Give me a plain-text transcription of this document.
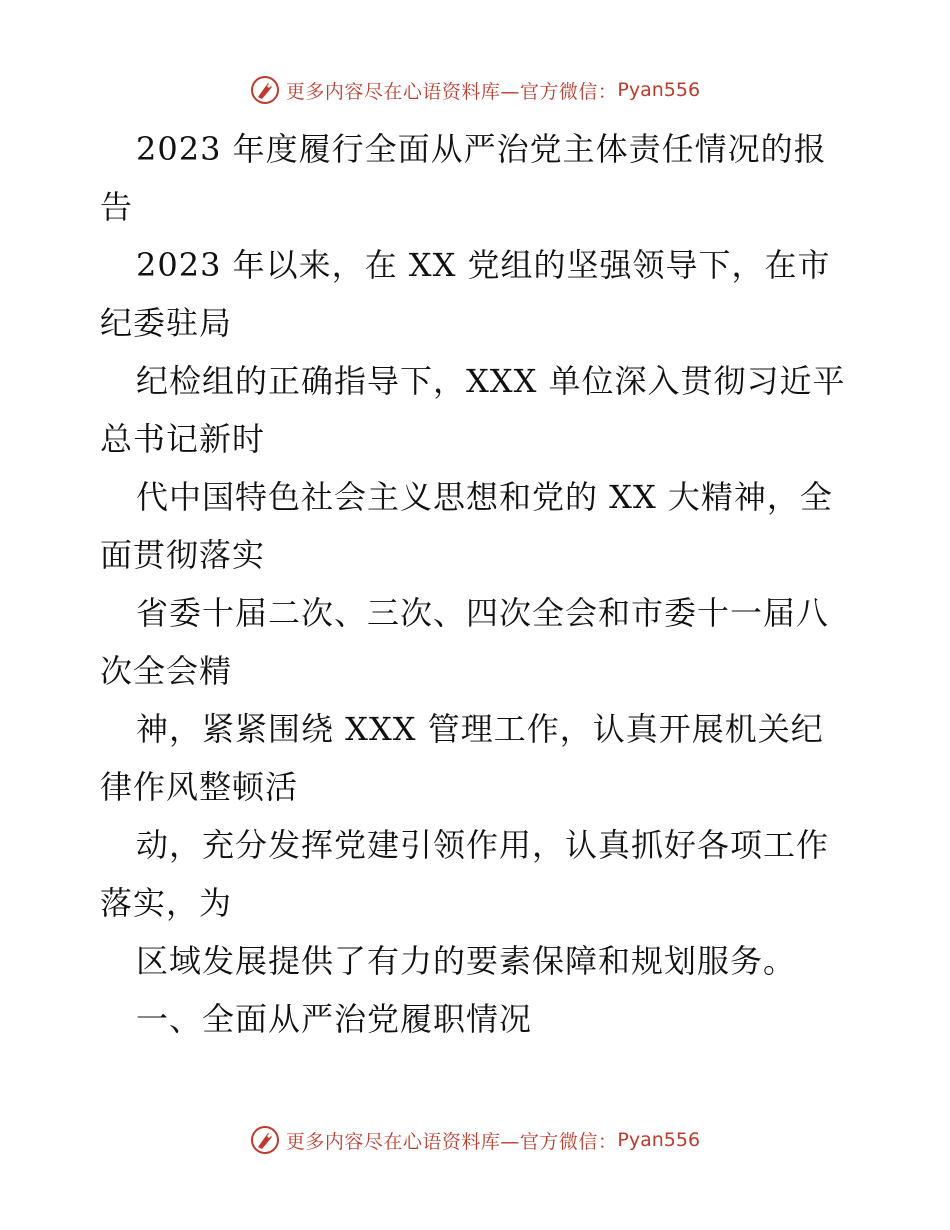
更多内容尽在心语资料库—官方微信： Pyan556

2023 年度履行全面从严治党主体责任情况的报
告

2023 年以来，在 XX 党组的坚强领导下，在市
纪委驻局

纪检组的正确指导下，XXX 单位深入贯彻习近平
总书记新时

代中国特色社会主义思想和党的 XX 大精神，全
面贯彻落实

省委十届二次、三次、四次全会和市委十一届八
次全会精

神，紧紧围绕 XXX 管理工作，认真开展机关纪
律作风整顿活

动，充分发挥党建引领作用，认真抓好各项工作
落实，为

区域发展提供了有力的要素保障和规划服务。

一、全面从严治党履职情况

更多内容尽在心语资料库—官方微信： Pyan556
